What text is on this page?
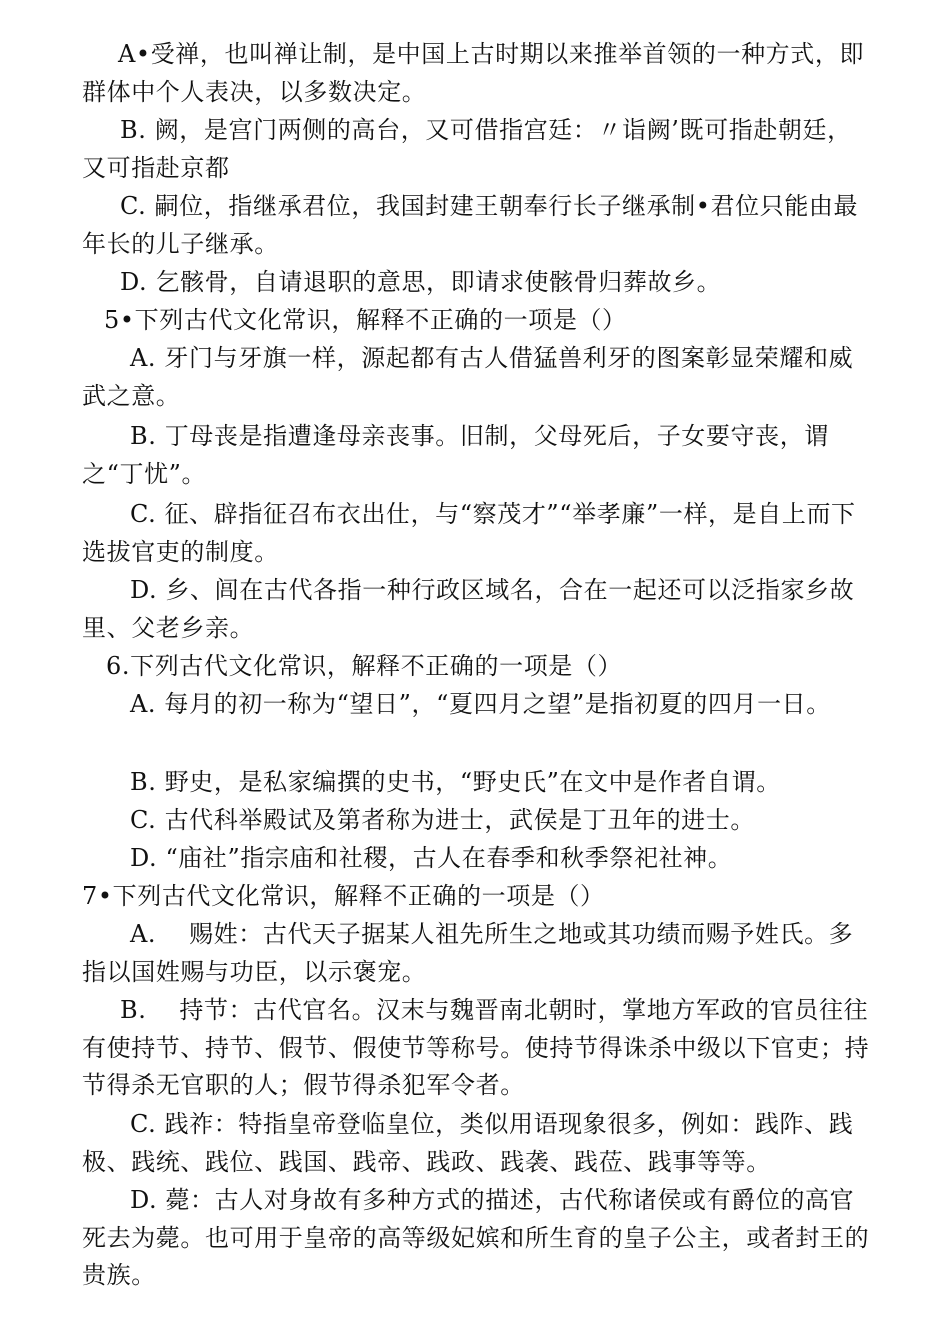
A•受禅，也叫禅让制，是中国上古时期以来推举首领的一种方式，即群体中个人表决，以多数决定。
B. 阙，是宫门两侧的高台，又可借指宫廷：〃诣阙’既可指赴朝廷，又可指赴京都
C. 嗣位，指继承君位，我国封建王朝奉行长子继承制•君位只能由最年长的儿子继承。
D. 乞骸骨，自请退职的意思，即请求使骸骨归葬故乡。
5•下列古代文化常识，解释不正确的一项是（）
A. 牙门与牙旗一样，源起都有古人借猛兽利牙的图案彰显荣耀和威武之意。
B. 丁母丧是指遭逢母亲丧事。旧制，父母死后，子女要守丧，谓之“丁忧”。
C. 征、辟指征召布衣出仕，与“察茂才”“举孝廉”一样，是自上而下选拔官吏的制度。
D. 乡、闾在古代各指一种行政区域名，合在一起还可以泛指家乡故里、父老乡亲。
6.下列古代文化常识，解释不正确的一项是（）
A. 每月的初一称为“望日”，“夏四月之望”是指初夏的四月一日。
B. 野史，是私家编撰的史书，“野史氏”在文中是作者自谓。
C. 古代科举殿试及第者称为进士，武侯是丁丑年的进士。
D. “庙社”指宗庙和社稷，古人在春季和秋季祭祀社神。
7•下列古代文化常识，解释不正确的一项是（）
A.    赐姓：古代天子据某人祖先所生之地或其功绩而赐予姓氏。多指以国姓赐与功臣，以示褒宠。
B.    持节：古代官名。汉末与魏晋南北朝时，掌地方军政的官员往往有使持节、持节、假节、假使节等称号。使持节得诛杀中级以下官吏；持节得杀无官职的人；假节得杀犯军令者。
C. 践祚：特指皇帝登临皇位，类似用语现象很多，例如：践阼、践极、践统、践位、践国、践帝、践政、践袭、践莅、践事等等。
D. 薨：古人对身故有多种方式的描述，古代称诸侯或有爵位的高官死去为薨。也可用于皇帝的高等级妃嫔和所生育的皇子公主，或者封王的贵族。
